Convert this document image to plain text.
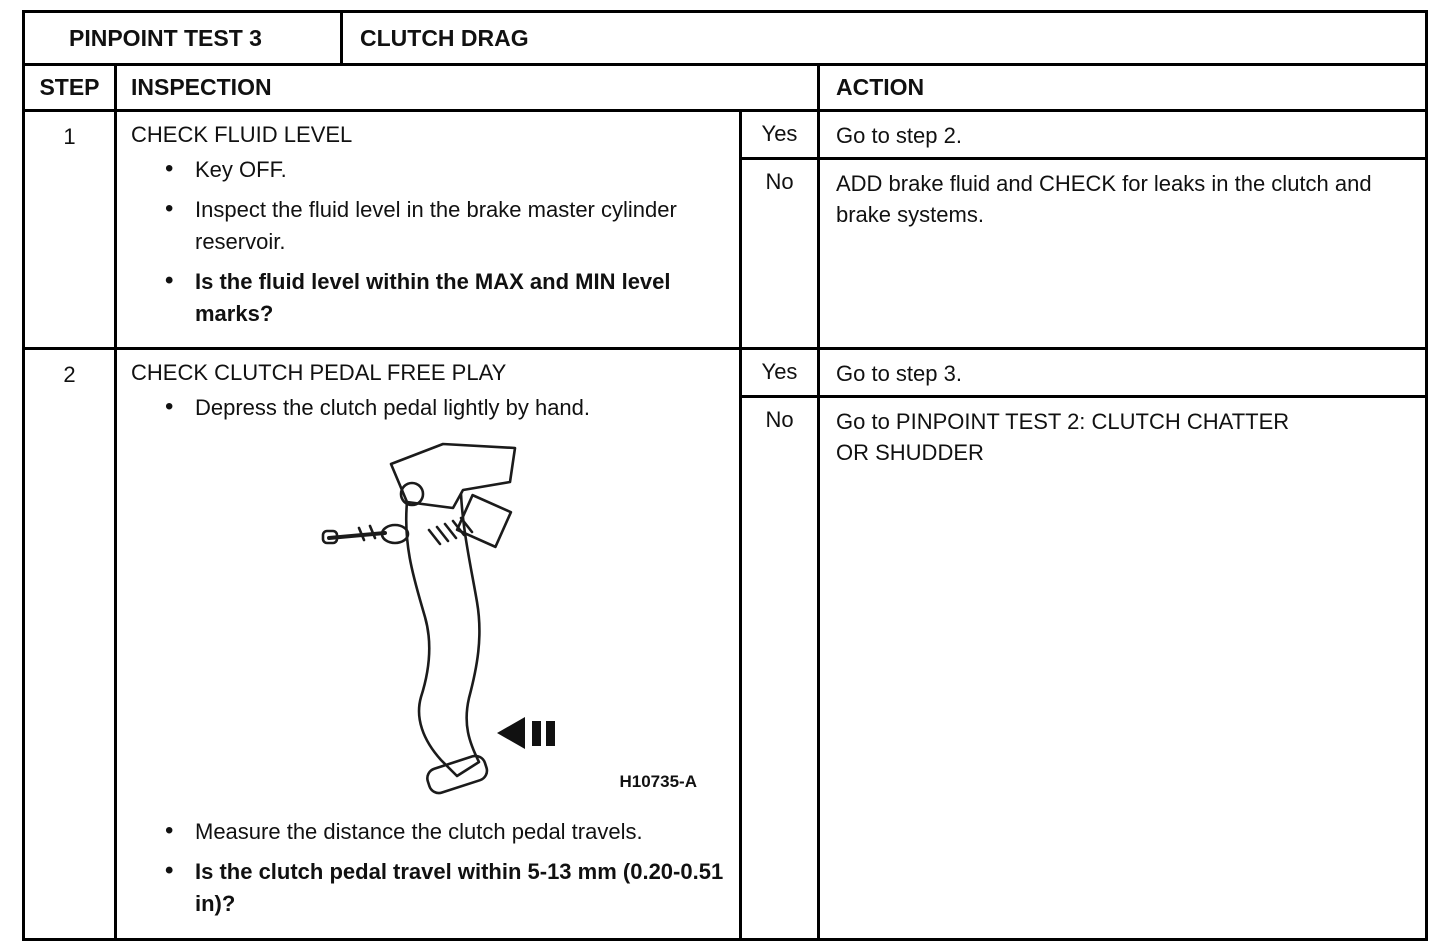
PINPOINT TEST 3	CLUTCH DRAG
STEP	INSPECTION	ACTION
1	CHECK FLUID LEVEL
• Key OFF.
• Inspect the fluid level in the brake master cylinder reservoir.
• Is the fluid level within the MAX and MIN level marks?
Yes	Go to step 2.
No	ADD brake fluid and CHECK for leaks in the clutch and brake systems.
2	CHECK CLUTCH PEDAL FREE PLAY
• Depress the clutch pedal lightly by hand.
H10735-A
• Measure the distance the clutch pedal travels.
• Is the clutch pedal travel within 5-13 mm (0.20-0.51 in)?
Yes	Go to step 3.
No	Go to PINPOINT TEST 2: CLUTCH CHATTER OR SHUDDER
